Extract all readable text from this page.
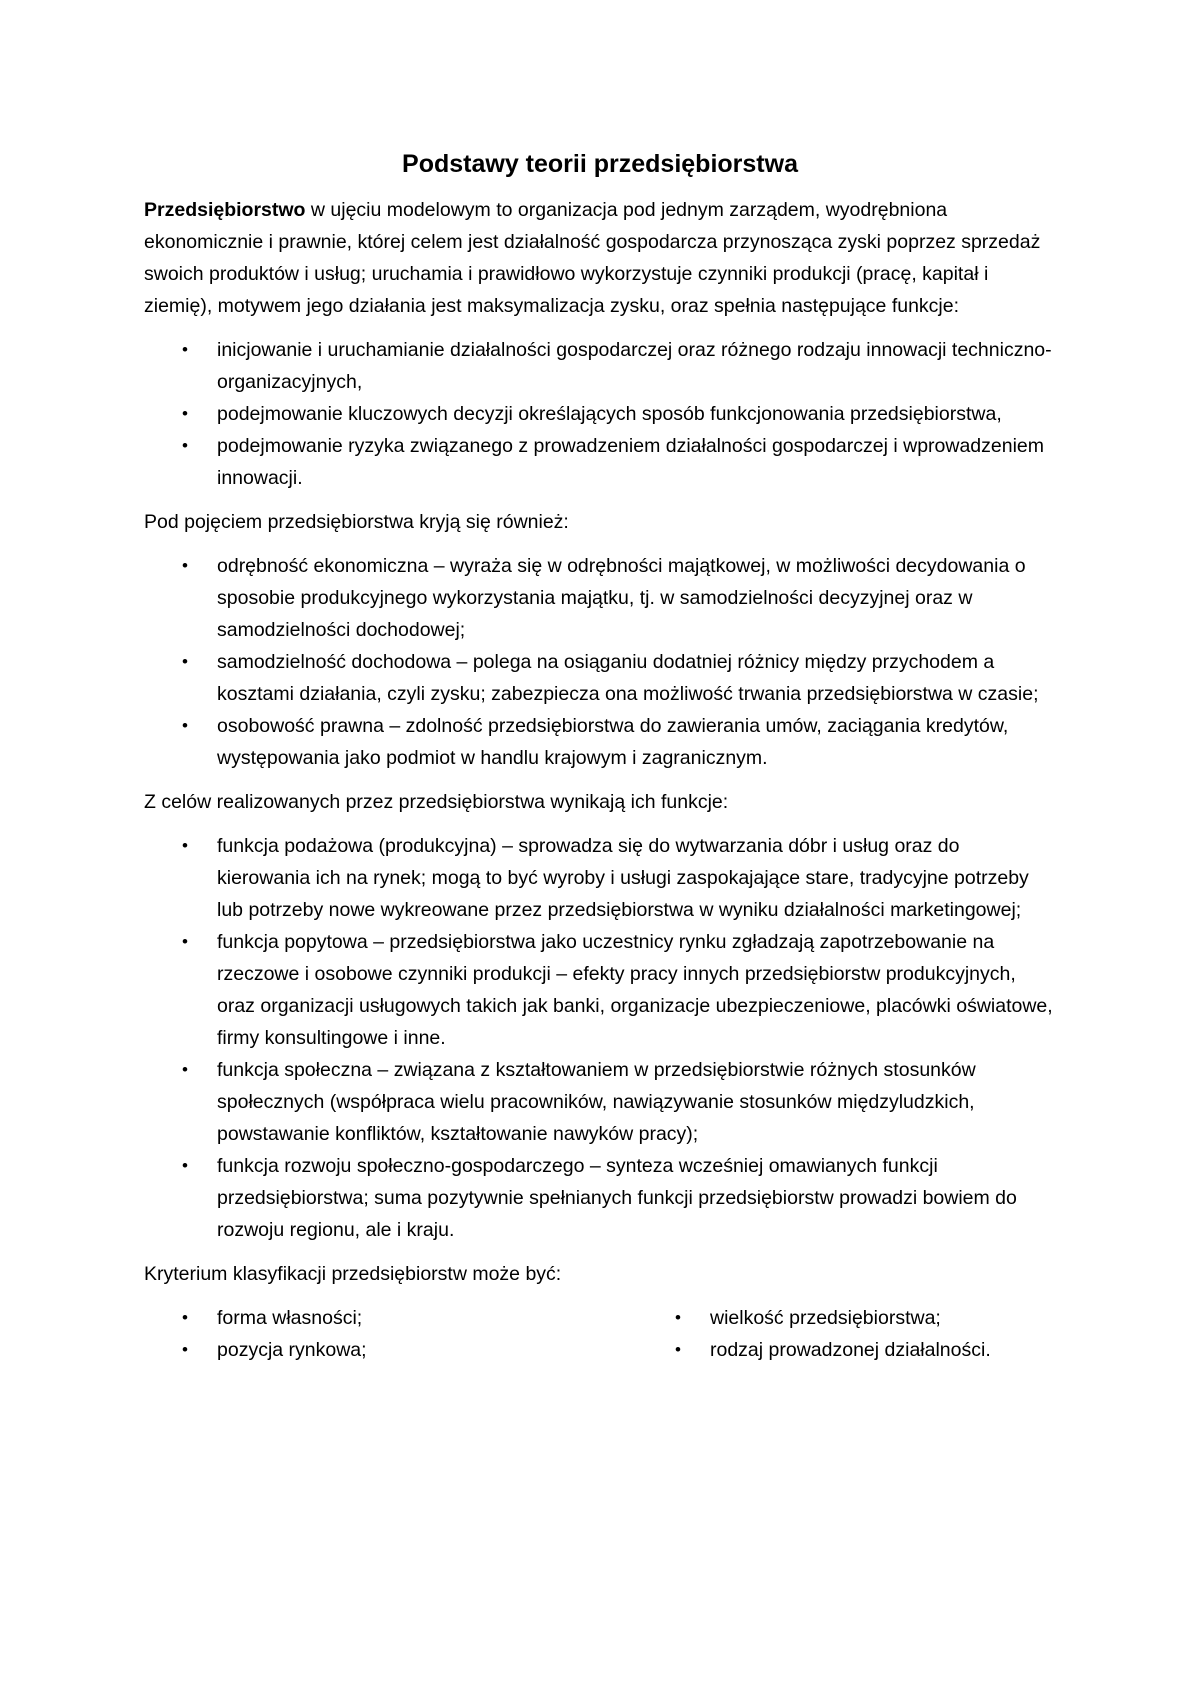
Podstawy teorii przedsiębiorstwa

Przedsiębiorstwo w ujęciu modelowym to organizacja pod jednym zarządem, wyodrębniona ekonomicznie i prawnie, której celem jest działalność gospodarcza przynosząca zyski poprzez sprzedaż swoich produktów i usług; uruchamia i prawidłowo wykorzystuje czynniki produkcji (pracę, kapitał i ziemię), motywem jego działania jest maksymalizacja zysku, oraz spełnia następujące funkcje:

• inicjowanie i uruchamianie działalności gospodarczej oraz różnego rodzaju innowacji techniczno-organizacyjnych,
• podejmowanie kluczowych decyzji określających sposób funkcjonowania przedsiębiorstwa,
• podejmowanie ryzyka związanego z prowadzeniem działalności gospodarczej i wprowadzeniem innowacji.

Pod pojęciem przedsiębiorstwa kryją się również:

• odrębność ekonomiczna – wyraża się w odrębności majątkowej, w możliwości decydowania o sposobie produkcyjnego wykorzystania majątku, tj. w samodzielności decyzyjnej oraz w samodzielności dochodowej;
• samodzielność dochodowa – polega na osiąganiu dodatniej różnicy między przychodem a kosztami działania, czyli zysku; zabezpiecza ona możliwość trwania przedsiębiorstwa w czasie;
• osobowość prawna – zdolność przedsiębiorstwa do zawierania umów, zaciągania kredytów, występowania jako podmiot w handlu krajowym i zagranicznym.

Z celów realizowanych przez przedsiębiorstwa wynikają ich funkcje:

• funkcja podażowa (produkcyjna) – sprowadza się do wytwarzania dóbr i usług oraz do kierowania ich na rynek; mogą to być wyroby i usługi zaspokajające stare, tradycyjne potrzeby lub potrzeby nowe wykreowane przez przedsiębiorstwa w wyniku działalności marketingowej;
• funkcja popytowa – przedsiębiorstwa jako uczestnicy rynku zgładzają zapotrzebowanie na rzeczowe i osobowe czynniki produkcji – efekty pracy innych przedsiębiorstw produkcyjnych, oraz organizacji usługowych takich jak banki, organizacje ubezpieczeniowe, placówki oświatowe, firmy konsultingowe i inne.
• funkcja społeczna – związana z kształtowaniem w przedsiębiorstwie różnych stosunków społecznych (współpraca wielu pracowników, nawiązywanie stosunków międzyludzkich, powstawanie konfliktów, kształtowanie nawyków pracy);
• funkcja rozwoju społeczno-gospodarczego – synteza wcześniej omawianych funkcji przedsiębiorstwa; suma pozytywnie spełnianych funkcji przedsiębiorstw prowadzi bowiem do rozwoju regionu, ale i kraju.

Kryterium klasyfikacji przedsiębiorstw może być:

• forma własności;
• pozycja rynkowa;
• wielkość przedsiębiorstwa;
• rodzaj prowadzonej działalności.
